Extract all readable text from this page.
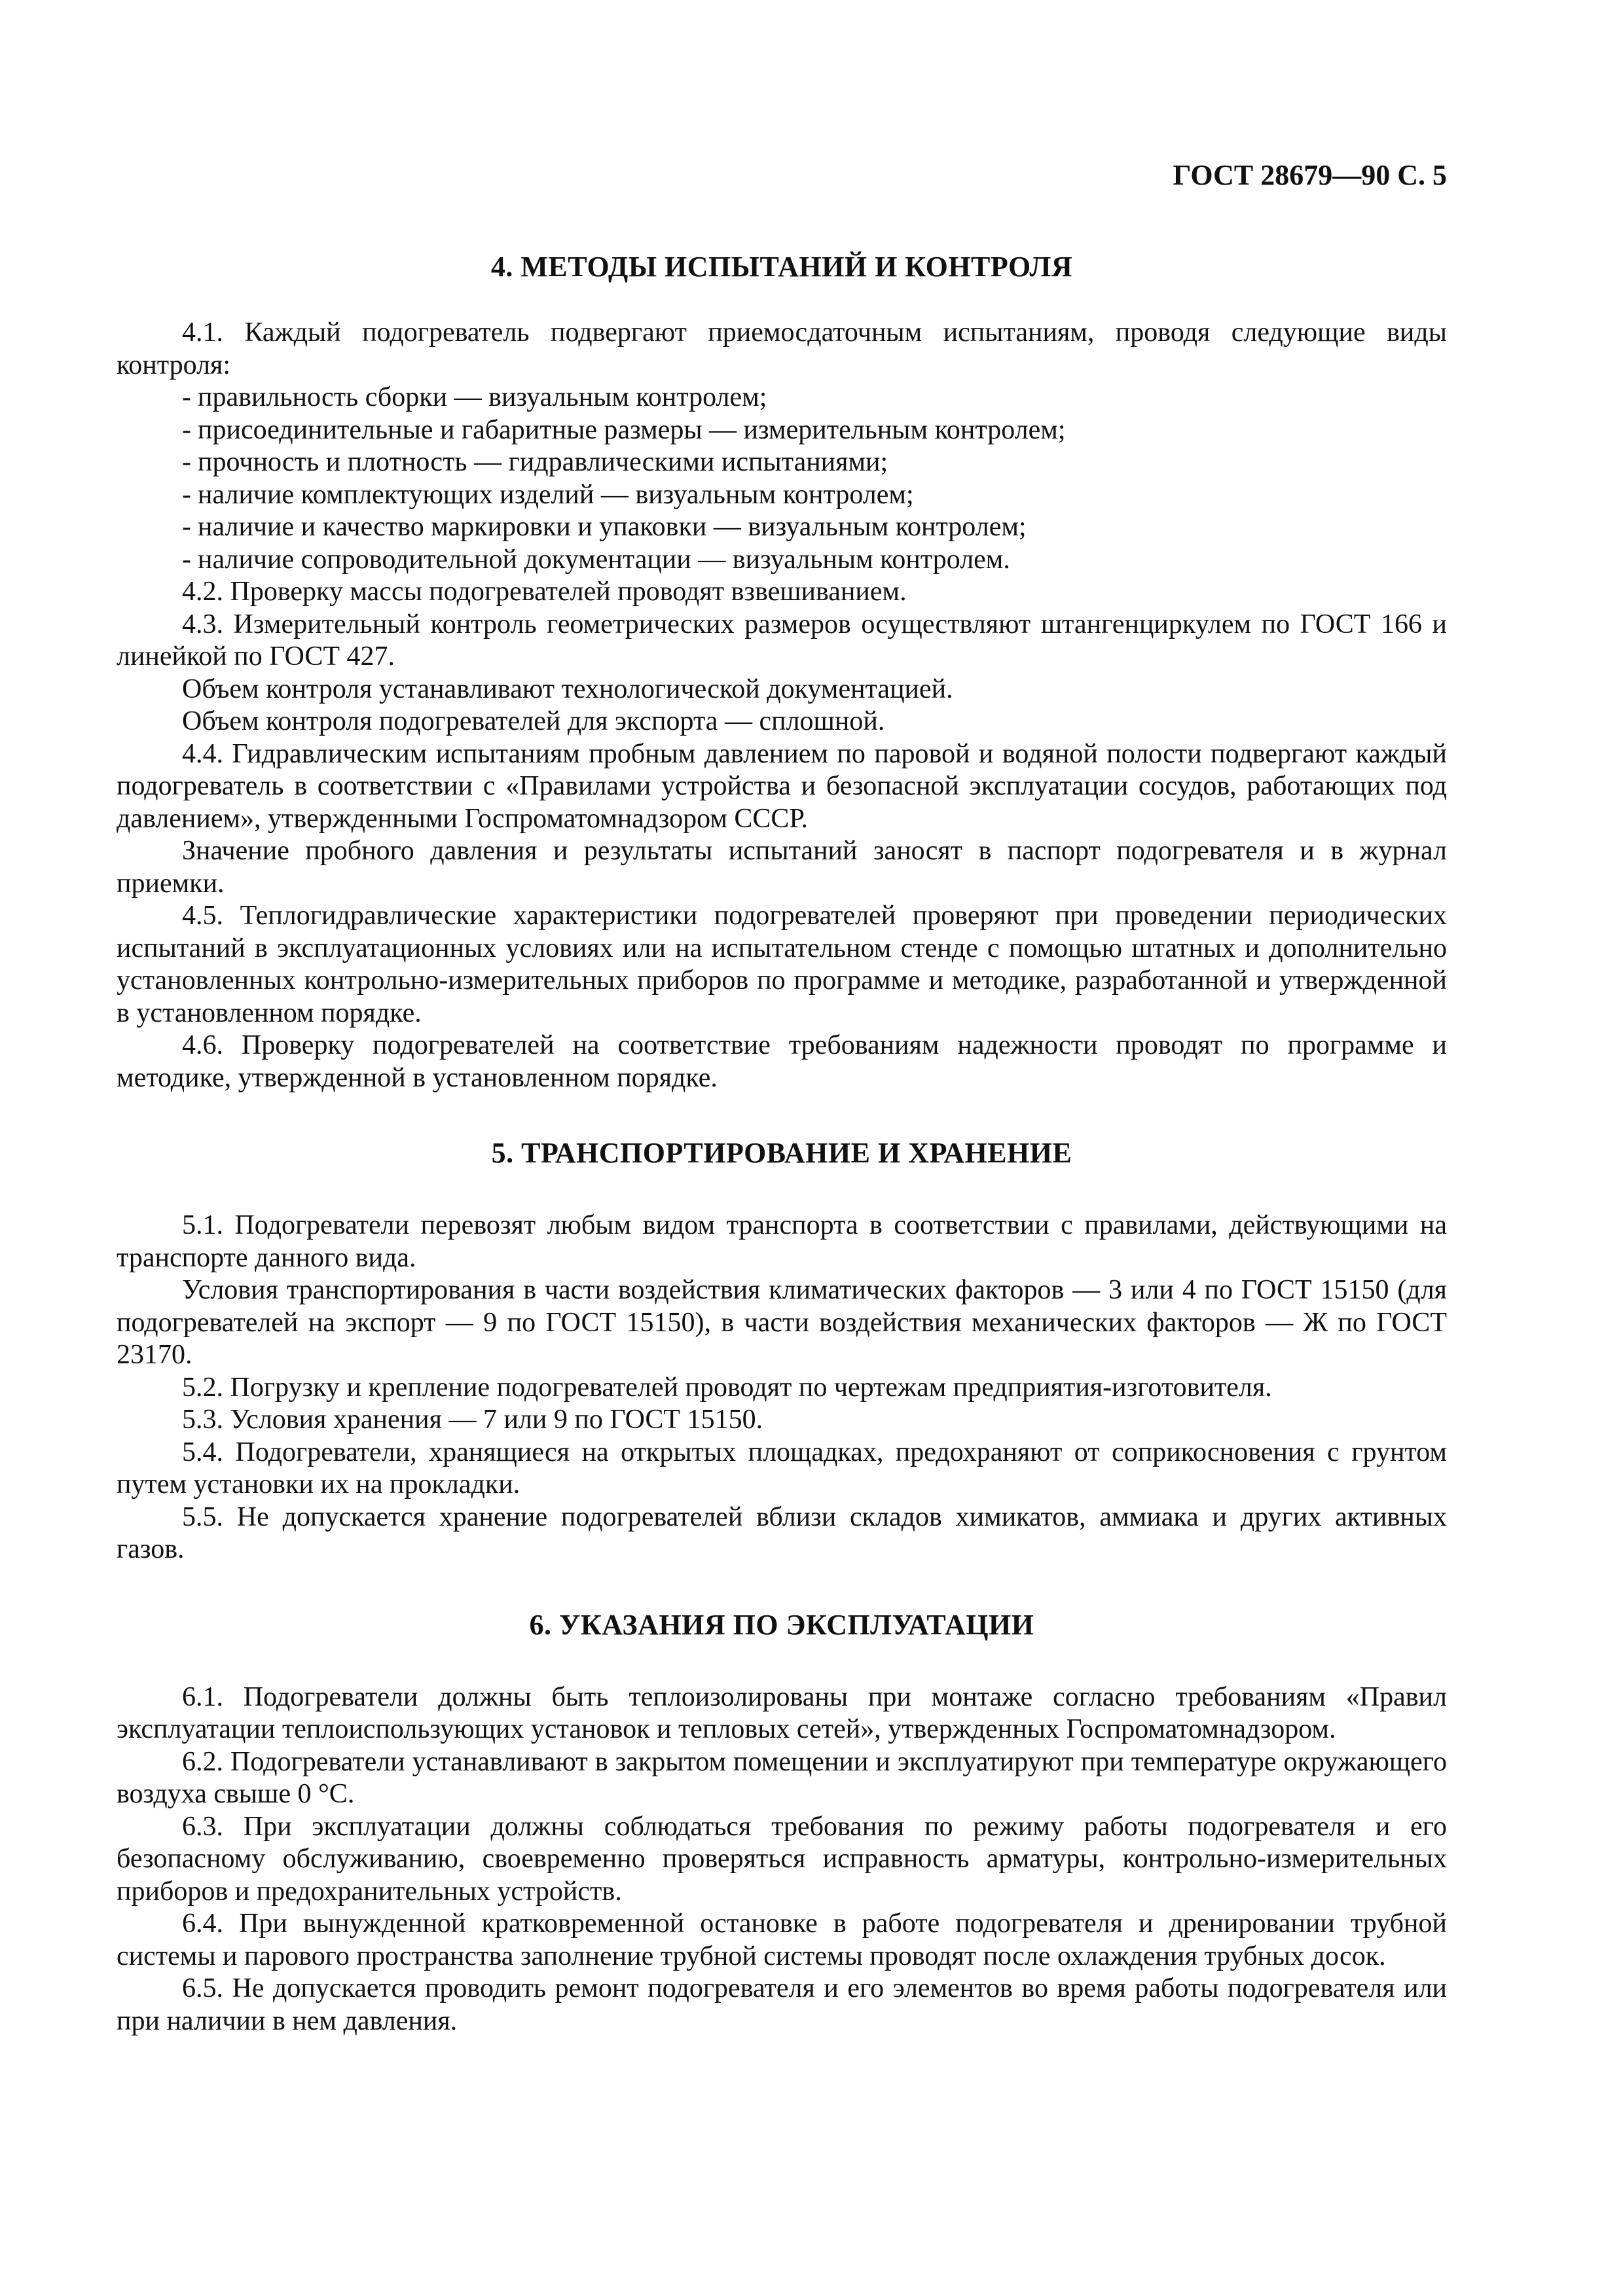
ГОСТ 28679—90 С. 5
4. МЕТОДЫ ИСПЫТАНИЙ И КОНТРОЛЯ

4.1. Каждый подогреватель подвергают приемосдаточным испытаниям, проводя следующие виды контроля:

- правильность сборки — визуальным контролем;
- присоединительные и габаритные размеры — измерительным контролем;
- прочность и плотность — гидравлическими испытаниями;
- наличие комплектующих изделий — визуальным контролем;
- наличие и качество маркировки и упаковки — визуальным контролем;
- наличие сопроводительной документации — визуальным контролем.

4.2. Проверку массы подогревателей проводят взвешиванием.

4.3. Измерительный контроль геометрических размеров осуществляют штангенциркулем по ГОСТ 166 и линейкой по ГОСТ 427.

Объем контроля устанавливают технологической документацией.

Объем контроля подогревателей для экспорта — сплошной.

4.4. Гидравлическим испытаниям пробным давлением по паровой и водяной полости подвергают каждый подогреватель в соответствии с «Правилами устройства и безопасной эксплуатации сосудов, работающих под давлением», утвержденными Госпроматомнадзором СССР.

Значение пробного давления и результаты испытаний заносят в паспорт подогревателя и в журнал приемки.

4.5. Теплогидравлические характеристики подогревателей проверяют при проведении периодических испытаний в эксплуатационных условиях или на испытательном стенде с помощью штатных и дополнительно установленных контрольно-измерительных приборов по программе и методике, разработанной и утвержденной в установленном порядке.

4.6. Проверку подогревателей на соответствие требованиям надежности проводят по программе и методике, утвержденной в установленном порядке.

5. ТРАНСПОРТИРОВАНИЕ И ХРАНЕНИЕ

5.1. Подогреватели перевозят любым видом транспорта в соответствии с правилами, действующими на транспорте данного вида.

Условия транспортирования в части воздействия климатических факторов — 3 или 4 по ГОСТ 15150 (для подогревателей на экспорт — 9 по ГОСТ 15150), в части воздействия механических факторов — Ж по ГОСТ 23170.

5.2. Погрузку и крепление подогревателей проводят по чертежам предприятия-изготовителя.

5.3. Условия хранения — 7 или 9 по ГОСТ 15150.

5.4. Подогреватели, хранящиеся на открытых площадках, предохраняют от соприкосновения с грунтом путем установки их на прокладки.

5.5. Не допускается хранение подогревателей вблизи складов химикатов, аммиака и других активных газов.

6. УКАЗАНИЯ ПО ЭКСПЛУАТАЦИИ

6.1. Подогреватели должны быть теплоизолированы при монтаже согласно требованиям «Правил эксплуатации теплоиспользующих установок и тепловых сетей», утвержденных Госпроматомнадзором.

6.2. Подогреватели устанавливают в закрытом помещении и эксплуатируют при температуре окружающего воздуха свыше 0 °С.

6.3. При эксплуатации должны соблюдаться требования по режиму работы подогревателя и его безопасному обслуживанию, своевременно проверяться исправность арматуры, контрольно-измерительных приборов и предохранительных устройств.

6.4. При вынужденной кратковременной остановке в работе подогревателя и дренировании трубной системы и парового пространства заполнение трубной системы проводят после охлаждения трубных досок.

6.5. Не допускается проводить ремонт подогревателя и его элементов во время работы подогревателя или при наличии в нем давления.
